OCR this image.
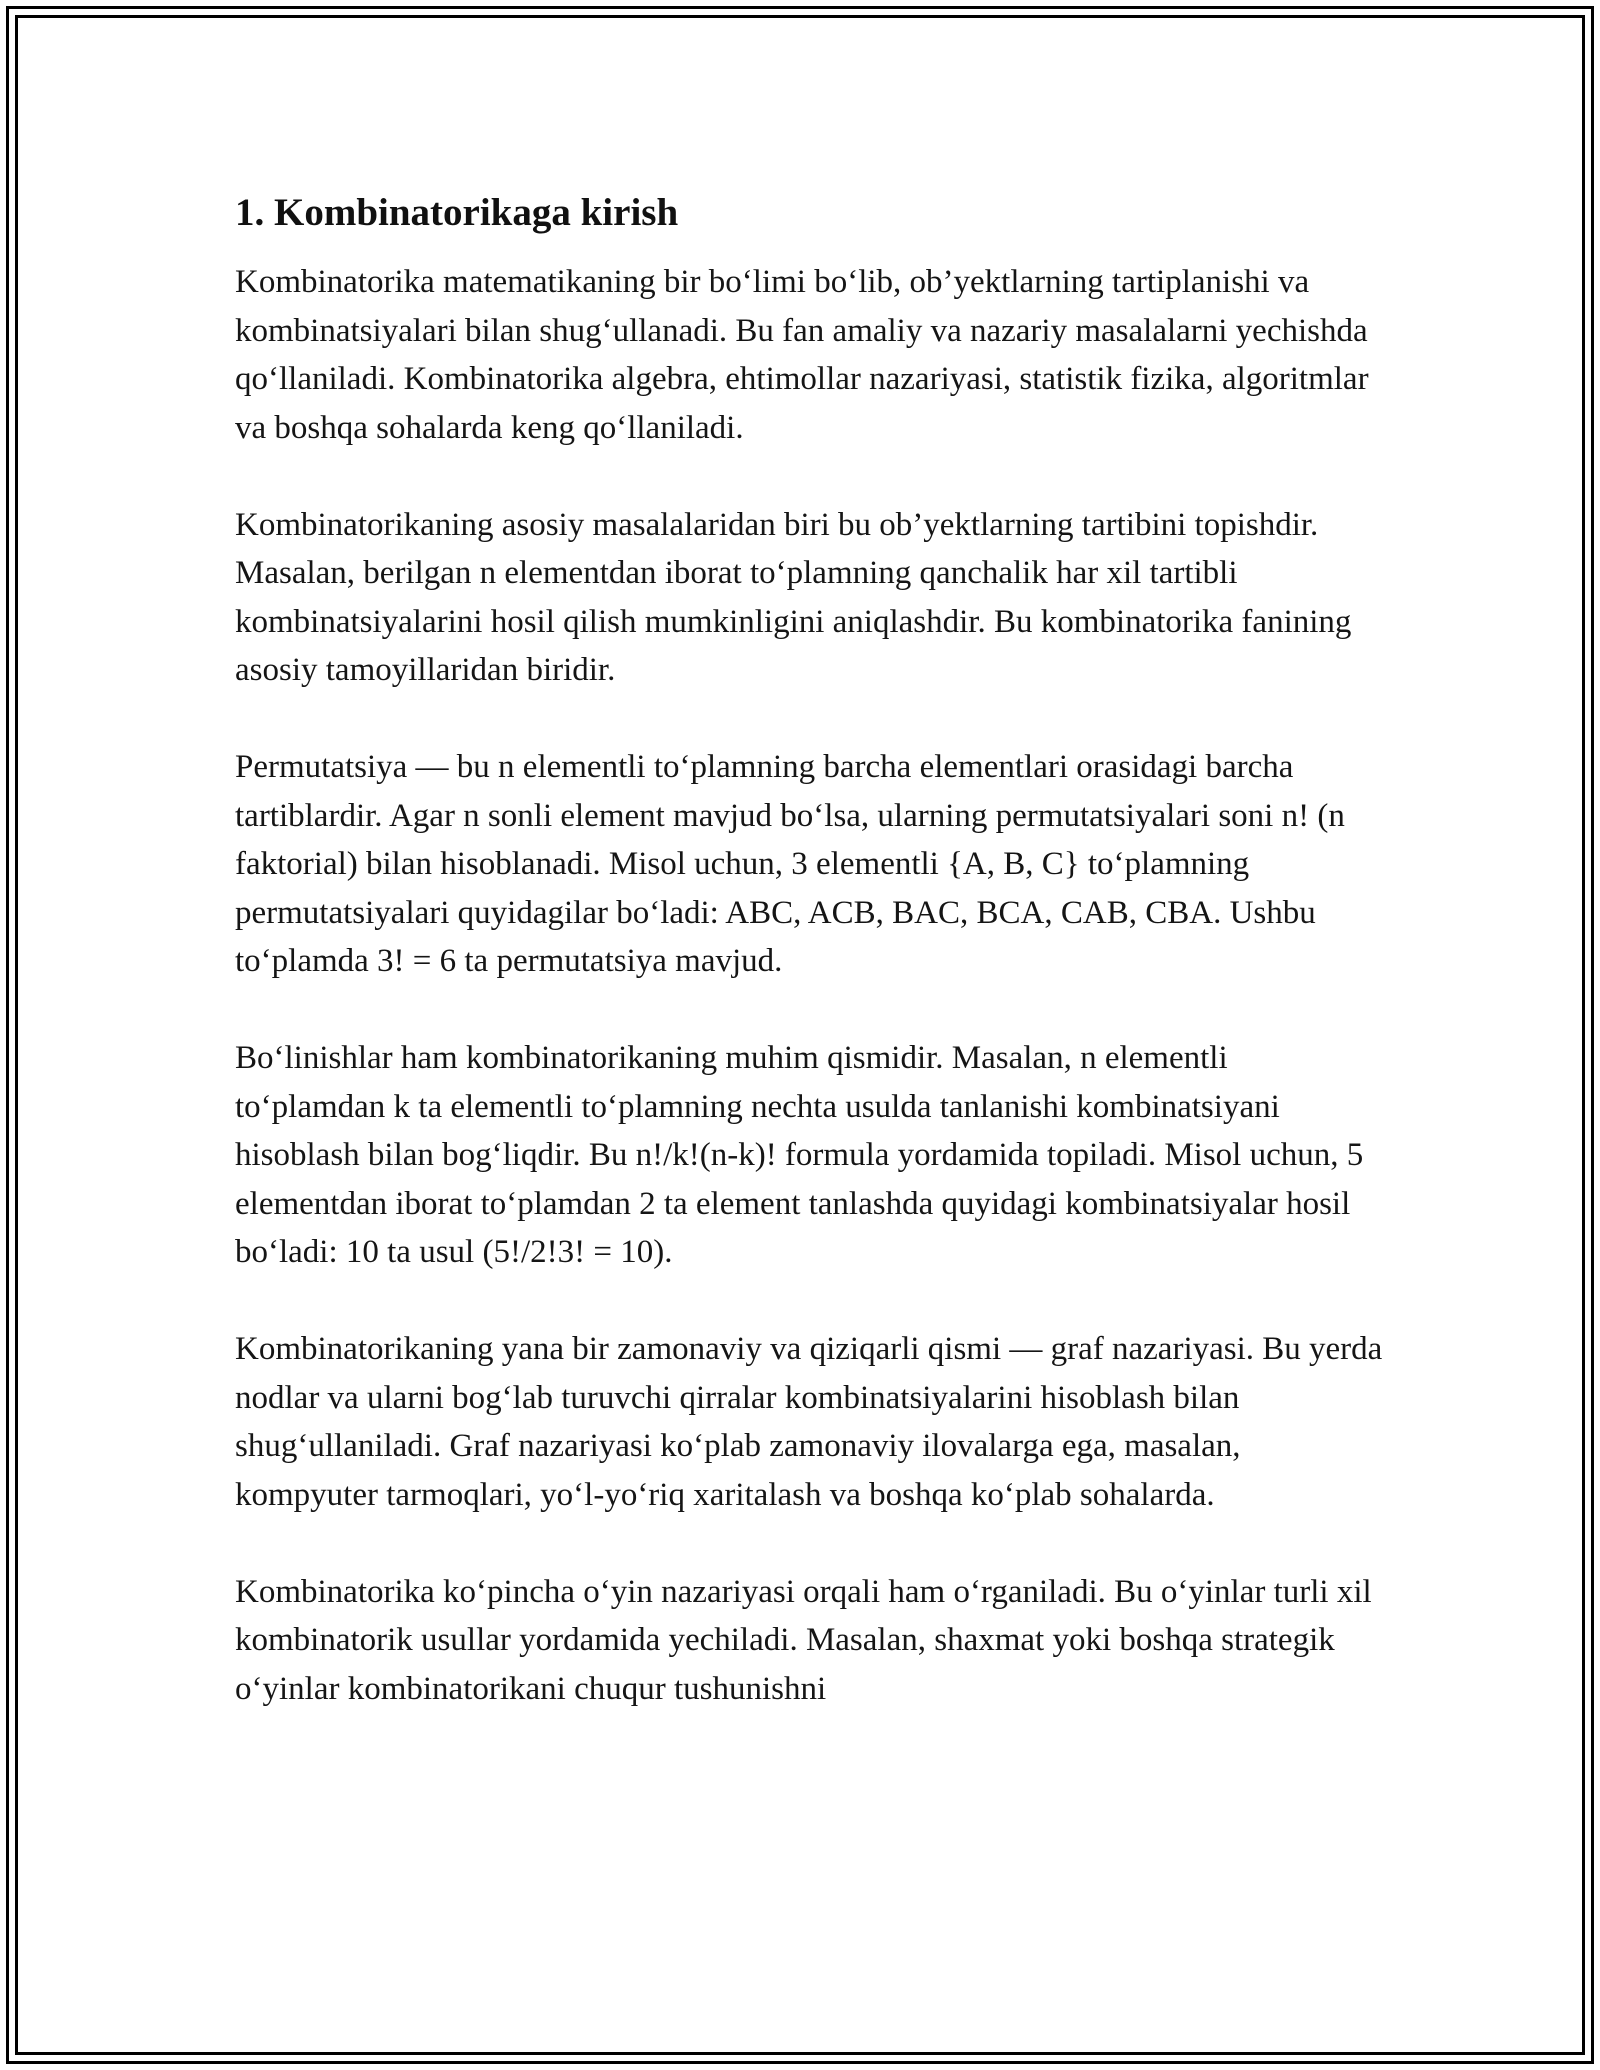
1. Kombinatorikaga kirish

Kombinatorika matematikaning bir bo‘limi bo‘lib, ob’yektlarning tartiplanishi va kombinatsiyalari bilan shug‘ullanadi. Bu fan amaliy va nazariy masalalarni yechishda qo‘llaniladi. Kombinatorika algebra, ehtimollar nazariyasi, statistik fizika, algoritmlar va boshqa sohalarda keng qo‘llaniladi.

Kombinatorikaning asosiy masalalaridan biri bu ob’yektlarning tartibini topishdir. Masalan, berilgan n elementdan iborat to‘plamning qanchalik har xil tartibli kombinatsiyalarini hosil qilish mumkinligini aniqlashdir. Bu kombinatorika fanining asosiy tamoyillaridan biridir.

Permutatsiya — bu n elementli to‘plamning barcha elementlari orasidagi barcha tartiblardir. Agar n sonli element mavjud bo‘lsa, ularning permutatsiyalari soni n! (n faktorial) bilan hisoblanadi. Misol uchun, 3 elementli {A, B, C} to‘plamning permutatsiyalari quyidagilar bo‘ladi: ABC, ACB, BAC, BCA, CAB, CBA. Ushbu to‘plamda 3! = 6 ta permutatsiya mavjud.

Bo‘linishlar ham kombinatorikaning muhim qismidir. Masalan, n elementli to‘plamdan k ta elementli to‘plamning nechta usulda tanlanishi kombinatsiyani hisoblash bilan bog‘liqdir. Bu n!/k!(n-k)! formula yordamida topiladi. Misol uchun, 5 elementdan iborat to‘plamdan 2 ta element tanlashda quyidagi kombinatsiyalar hosil bo‘ladi: 10 ta usul (5!/2!3! = 10).

Kombinatorikaning yana bir zamonaviy va qiziqarli qismi — graf nazariyasi. Bu yerda nodlar va ularni bog‘lab turuvchi qirralar kombinatsiyalarini hisoblash bilan shug‘ullaniladi. Graf nazariyasi ko‘plab zamonaviy ilovalarga ega, masalan, kompyuter tarmoqlari, yo‘l-yo‘riq xaritalash va boshqa ko‘plab sohalarda.

Kombinatorika ko‘pincha o‘yin nazariyasi orqali ham o‘rganiladi. Bu o‘yinlar turli xil kombinatorik usullar yordamida yechiladi. Masalan, shaxmat yoki boshqa strategik o‘yinlar kombinatorikani chuqur tushunishni
